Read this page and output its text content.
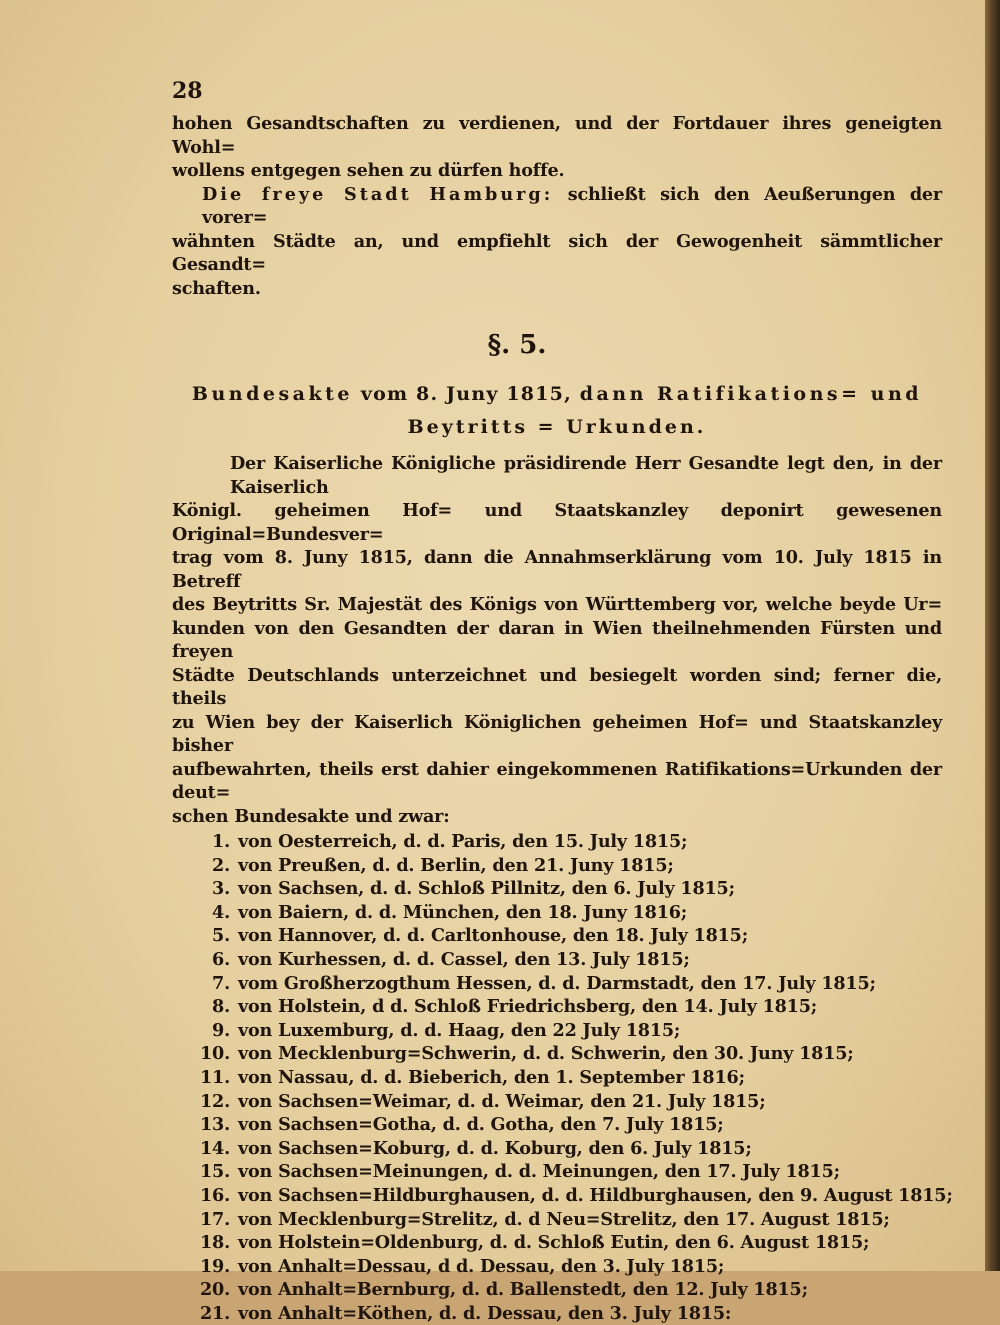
28
hohen Gesandtschaften zu verdienen, und der Fortdauer ihres geneigten Wohl=
wollens entgegen sehen zu dürfen hoffe.
Die freye Stadt Hamburg: schließt sich den Aeußerungen der vorer=
wähnten Städte an, und empfiehlt sich der Gewogenheit sämmtlicher Gesandt=
schaften.
§. 5.
Bundesakte vom 8. Juny 1815, dann Ratifikations= und
Beytritts = Urkunden.
Der Kaiserliche Königliche präsidirende Herr Gesandte legt den, in der Kaiserlich
Königl. geheimen Hof= und Staatskanzley deponirt gewesenen Original=Bundesver=
trag vom 8. Juny 1815, dann die Annahmserklärung vom 10. July 1815 in Betreff
des Beytritts Sr. Majestät des Königs von Württemberg vor, welche beyde Ur=
kunden von den Gesandten der daran in Wien theilnehmenden Fürsten und freyen
Städte Deutschlands unterzeichnet und besiegelt worden sind; ferner die, theils
zu Wien bey der Kaiserlich Königlichen geheimen Hof= und Staatskanzley bisher
aufbewahrten, theils erst dahier eingekommenen Ratifikations=Urkunden der deut=
schen Bundesakte und zwar:
1. von Oesterreich, d. d. Paris, den 15. July 1815;
2. von Preußen, d. d. Berlin, den 21. Juny 1815;
3. von Sachsen, d. d. Schloß Pillnitz, den 6. July 1815;
4. von Baiern, d. d. München, den 18. Juny 1816;
5. von Hannover, d. d. Carltonhouse, den 18. July 1815;
6. von Kurhessen, d. d. Cassel, den 13. July 1815;
7. vom Großherzogthum Hessen, d. d. Darmstadt, den 17. July 1815;
8. von Holstein, d d. Schloß Friedrichsberg, den 14. July 1815;
9. von Luxemburg, d. d. Haag, den 22 July 1815;
10. von Mecklenburg=Schwerin, d. d. Schwerin, den 30. Juny 1815;
11. von Nassau, d. d. Bieberich, den 1. September 1816;
12. von Sachsen=Weimar, d. d. Weimar, den 21. July 1815;
13. von Sachsen=Gotha, d. d. Gotha, den 7. July 1815;
14. von Sachsen=Koburg, d. d. Koburg, den 6. July 1815;
15. von Sachsen=Meinungen, d. d. Meinungen, den 17. July 1815;
16. von Sachsen=Hildburghausen, d. d. Hildburghausen, den 9. August 1815;
17. von Mecklenburg=Strelitz, d. d Neu=Strelitz, den 17. August 1815;
18. von Holstein=Oldenburg, d. d. Schloß Eutin, den 6. August 1815;
19. von Anhalt=Dessau, d d. Dessau, den 3. July 1815;
20. von Anhalt=Bernburg, d. d. Ballenstedt, den 12. July 1815;
21. von Anhalt=Köthen, d. d. Dessau, den 3. July 1815:
